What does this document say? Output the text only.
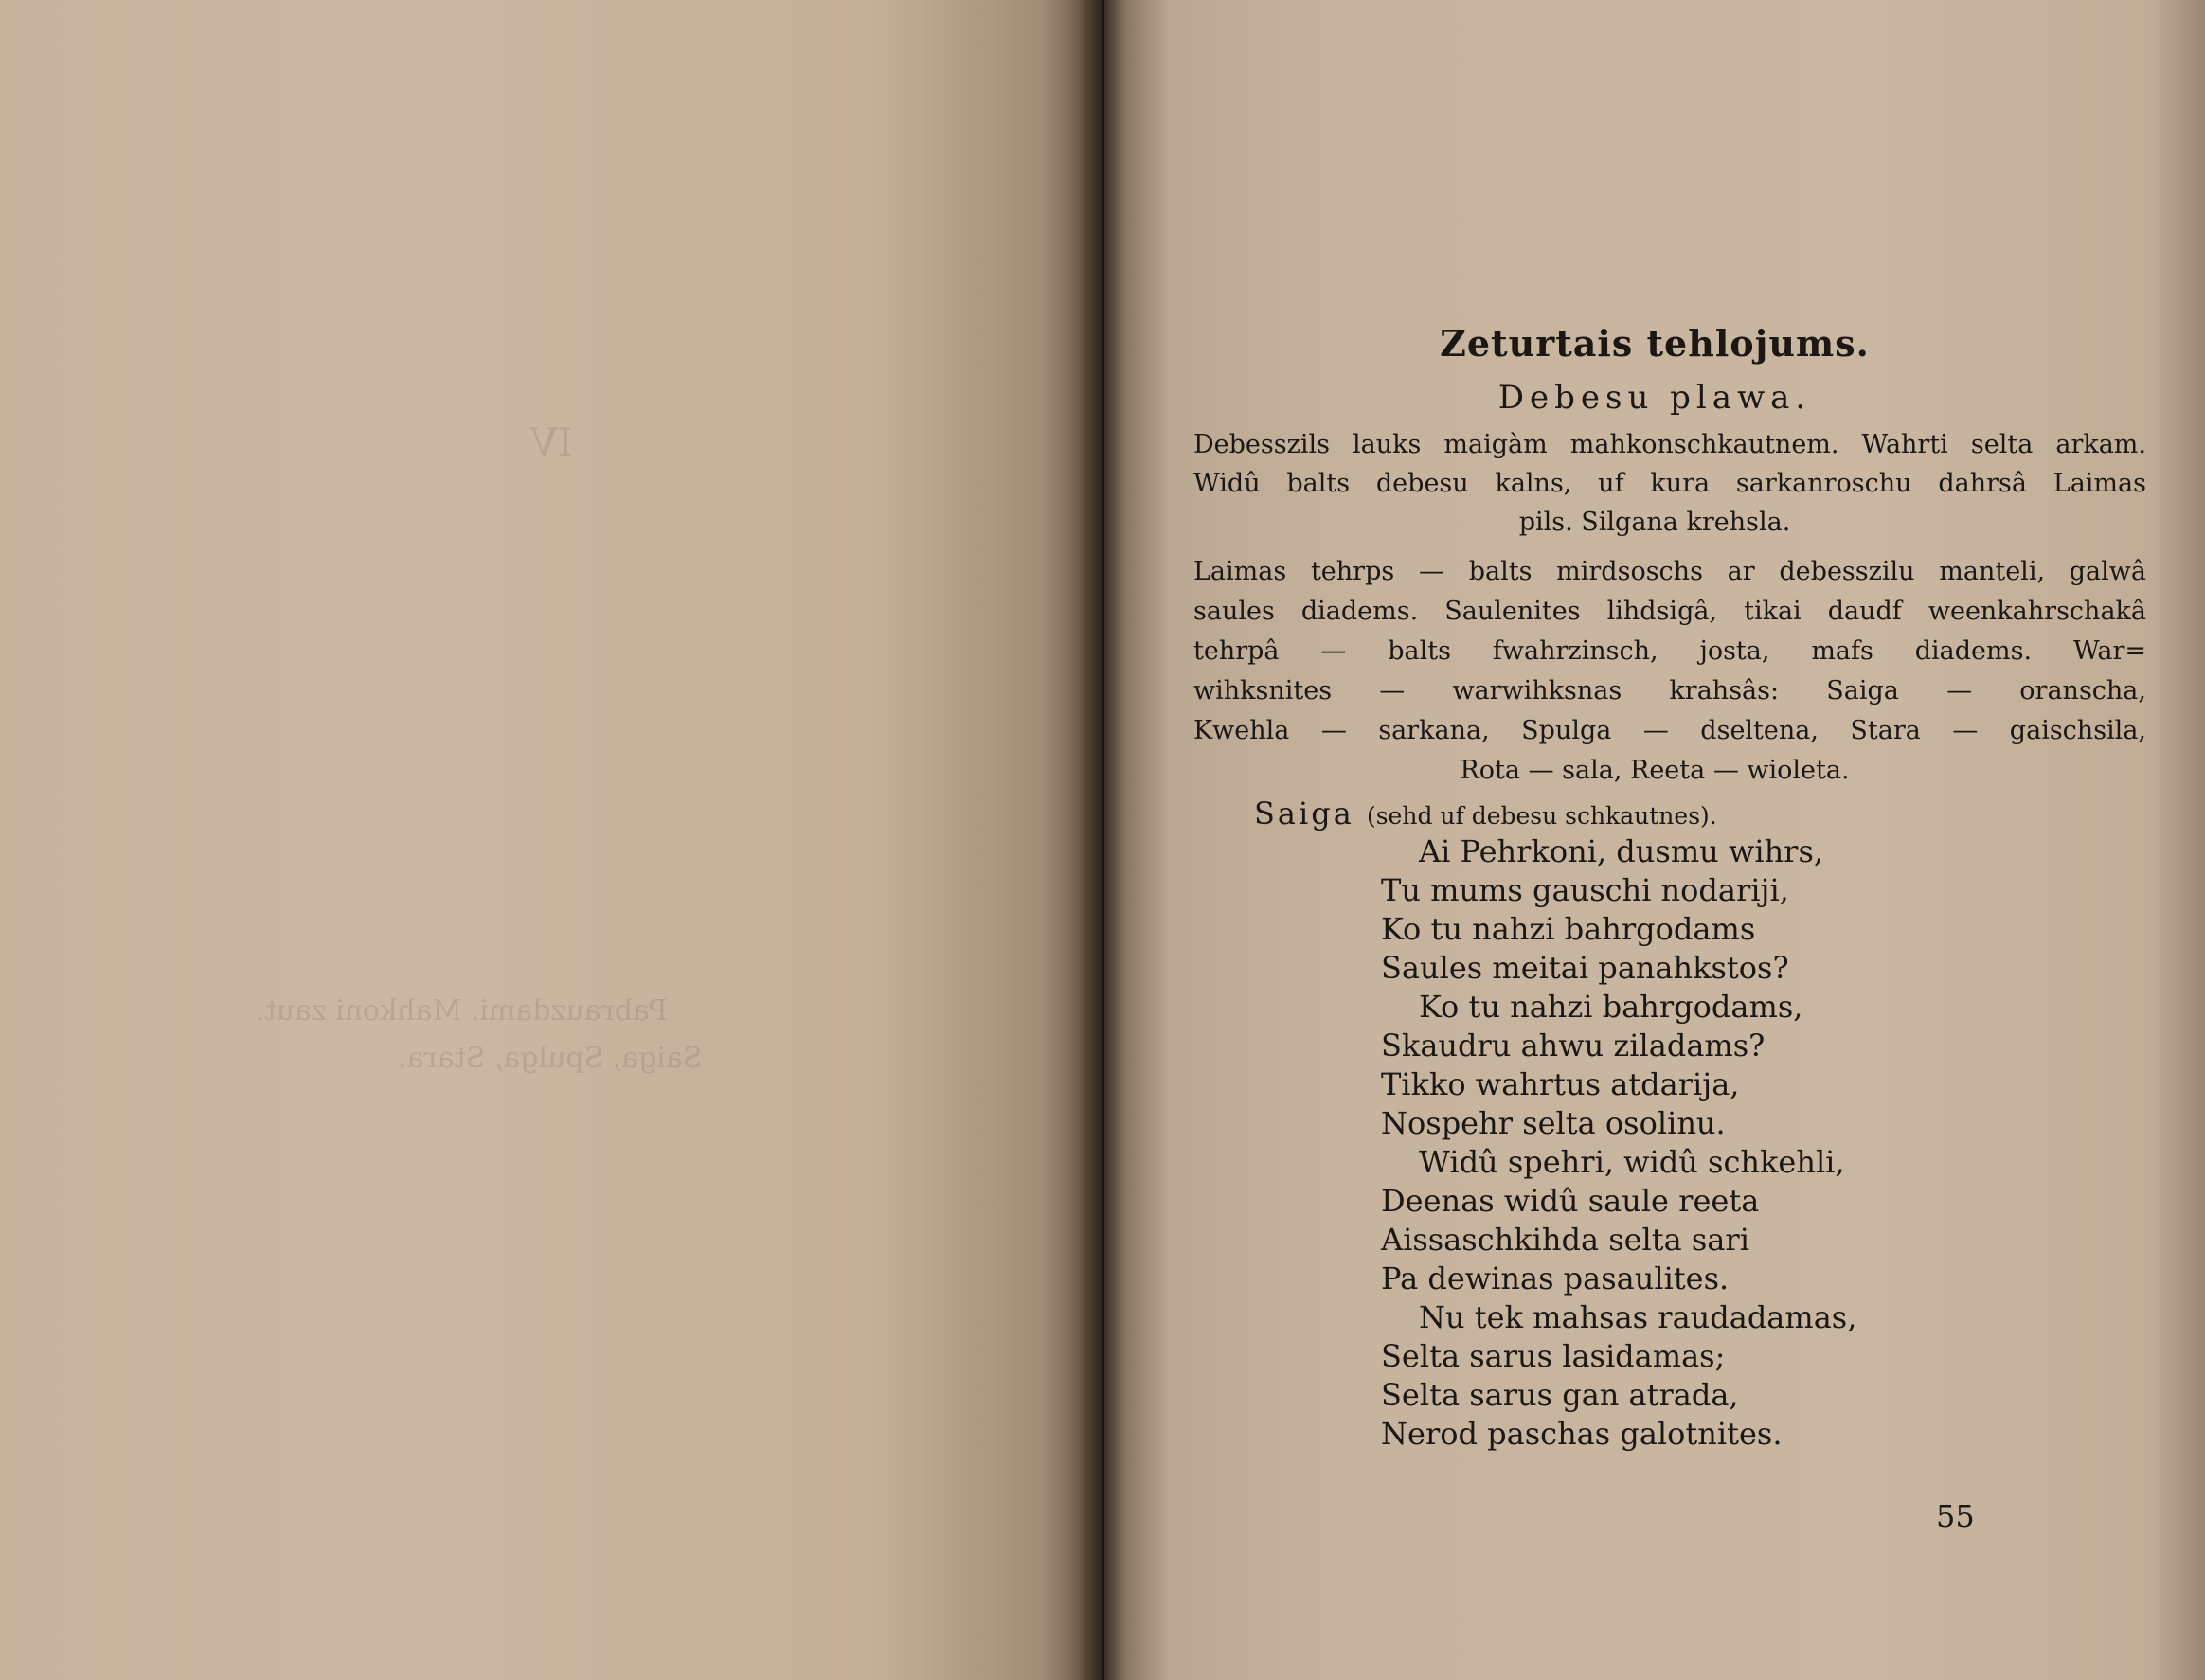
IV
Pabrauzdami. Mahkoni zaut.
Saiga, Spulga, Stara.
Zeturtais tehlojums.
Debesu plawa.
Debesszils lauks maigàm mahkonschkautnem. Wahrti selta arkam.
Widû balts debesu kalns, uf kura sarkanroschu dahrsâ Laimas
pils. Silgana krehsla.
Laimas tehrps — balts mirdsoschs ar debesszilu manteli, galwâ
saules diadems. Saulenites lihdsigâ, tikai daudf weenkahrschakâ
tehrpâ — balts fwahrzinsch, josta, mafs diadems. War=
wihksnites — warwihksnas krahsâs: Saiga — oranscha,
Kwehla — sarkana, Spulga — dseltena, Stara — gaischsila,
Rota — sala, Reeta — wioleta.
Saiga (sehd uf debesu schkautnes).
Ai Pehrkoni, dusmu wihrs,
Tu mums gauschi nodariji,
Ko tu nahzi bahrgodams
Saules meitai panahkstos?
Ko tu nahzi bahrgodams,
Skaudru ahwu ziladams?
Tikko wahrtus atdarija,
Nospehr selta osolinu.
Widû spehri, widû schkehli,
Deenas widû saule reeta
Aissaschkihda selta sari
Pa dewinas pasaulites.
Nu tek mahsas raudadamas,
Selta sarus lasidamas;
Selta sarus gan atrada,
Nerod paschas galotnites.
55
